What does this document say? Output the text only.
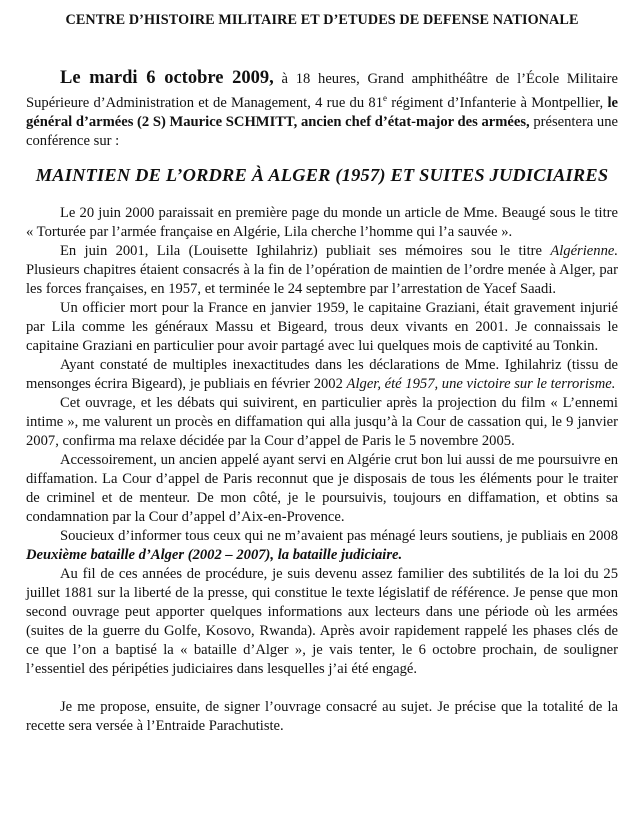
CENTRE D’HISTOIRE MILITAIRE ET D’ETUDES DE DEFENSE NATIONALE

Le mardi 6 octobre 2009, à 18 heures, Grand amphithéâtre de l’École Militaire Supérieure d’Administration et de Management, 4 rue du 81e régiment d’Infanterie à Montpellier, le général d’armées (2 S) Maurice SCHMITT, ancien chef d’état-major des armées, présentera une conférence sur :

MAINTIEN DE L’ORDRE À ALGER (1957) ET SUITES JUDICIAIRES

Le 20 juin 2000 paraissait en première page du monde un article de Mme. Beaugé sous le titre « Torturée par l’armée française en Algérie, Lila cherche l’homme qui l’a sauvée ».

En juin 2001, Lila (Louisette Ighilahriz) publiait ses mémoires sou le titre Algérienne. Plusieurs chapitres étaient consacrés à la fin de l’opération de maintien de l’ordre menée à Alger, par les forces françaises, en 1957, et terminée le 24 septembre par l’arrestation de Yacef Saadi.

Un officier mort pour la France en janvier 1959, le capitaine Graziani, était gravement injurié par Lila comme les généraux Massu et Bigeard, trous deux vivants en 2001. Je connaissais le capitaine Graziani en particulier pour avoir partagé avec lui quelques mois de captivité au Tonkin.

Ayant constaté de multiples inexactitudes dans les déclarations de Mme. Ighilahriz (tissu de mensonges écrira Bigeard), je publiais en février 2002 Alger, été 1957, une victoire sur le terrorisme.

Cet ouvrage, et les débats qui suivirent, en particulier après la projection du film « L’ennemi intime », me valurent un procès en diffamation qui alla jusqu’à la Cour de cassation qui, le 9 janvier 2007, confirma ma relaxe décidée par la Cour d’appel de Paris le 5 novembre 2005.

Accessoirement, un ancien appelé ayant servi en Algérie crut bon lui aussi de me poursuivre en diffamation. La Cour d’appel de Paris reconnut que je disposais de tous les éléments pour le traiter de criminel et de menteur. De mon côté, je le poursuivis, toujours en diffamation, et obtins sa condamnation par la Cour d’appel d’Aix-en-Provence.

Soucieux d’informer tous ceux qui ne m’avaient pas ménagé leurs soutiens, je publiais en 2008 Deuxième bataille d’Alger (2002 – 2007), la bataille judiciaire.

Au fil de ces années de procédure, je suis devenu assez familier des subtilités de la loi du 25 juillet 1881 sur la liberté de la presse, qui constitue le texte législatif de référence. Je pense que mon second ouvrage peut apporter quelques informations aux lecteurs dans une période où les armées (suites de la guerre du Golfe, Kosovo, Rwanda). Après avoir rapidement rappelé les phases clés de ce que l’on a baptisé la « bataille d’Alger », je vais tenter, le 6 octobre prochain, de souligner l’essentiel des péripéties judiciaires dans lesquelles j’ai été engagé.

Je me propose, ensuite, de signer l’ouvrage consacré au sujet. Je précise que la totalité de la recette sera versée à l’Entraide Parachutiste.
